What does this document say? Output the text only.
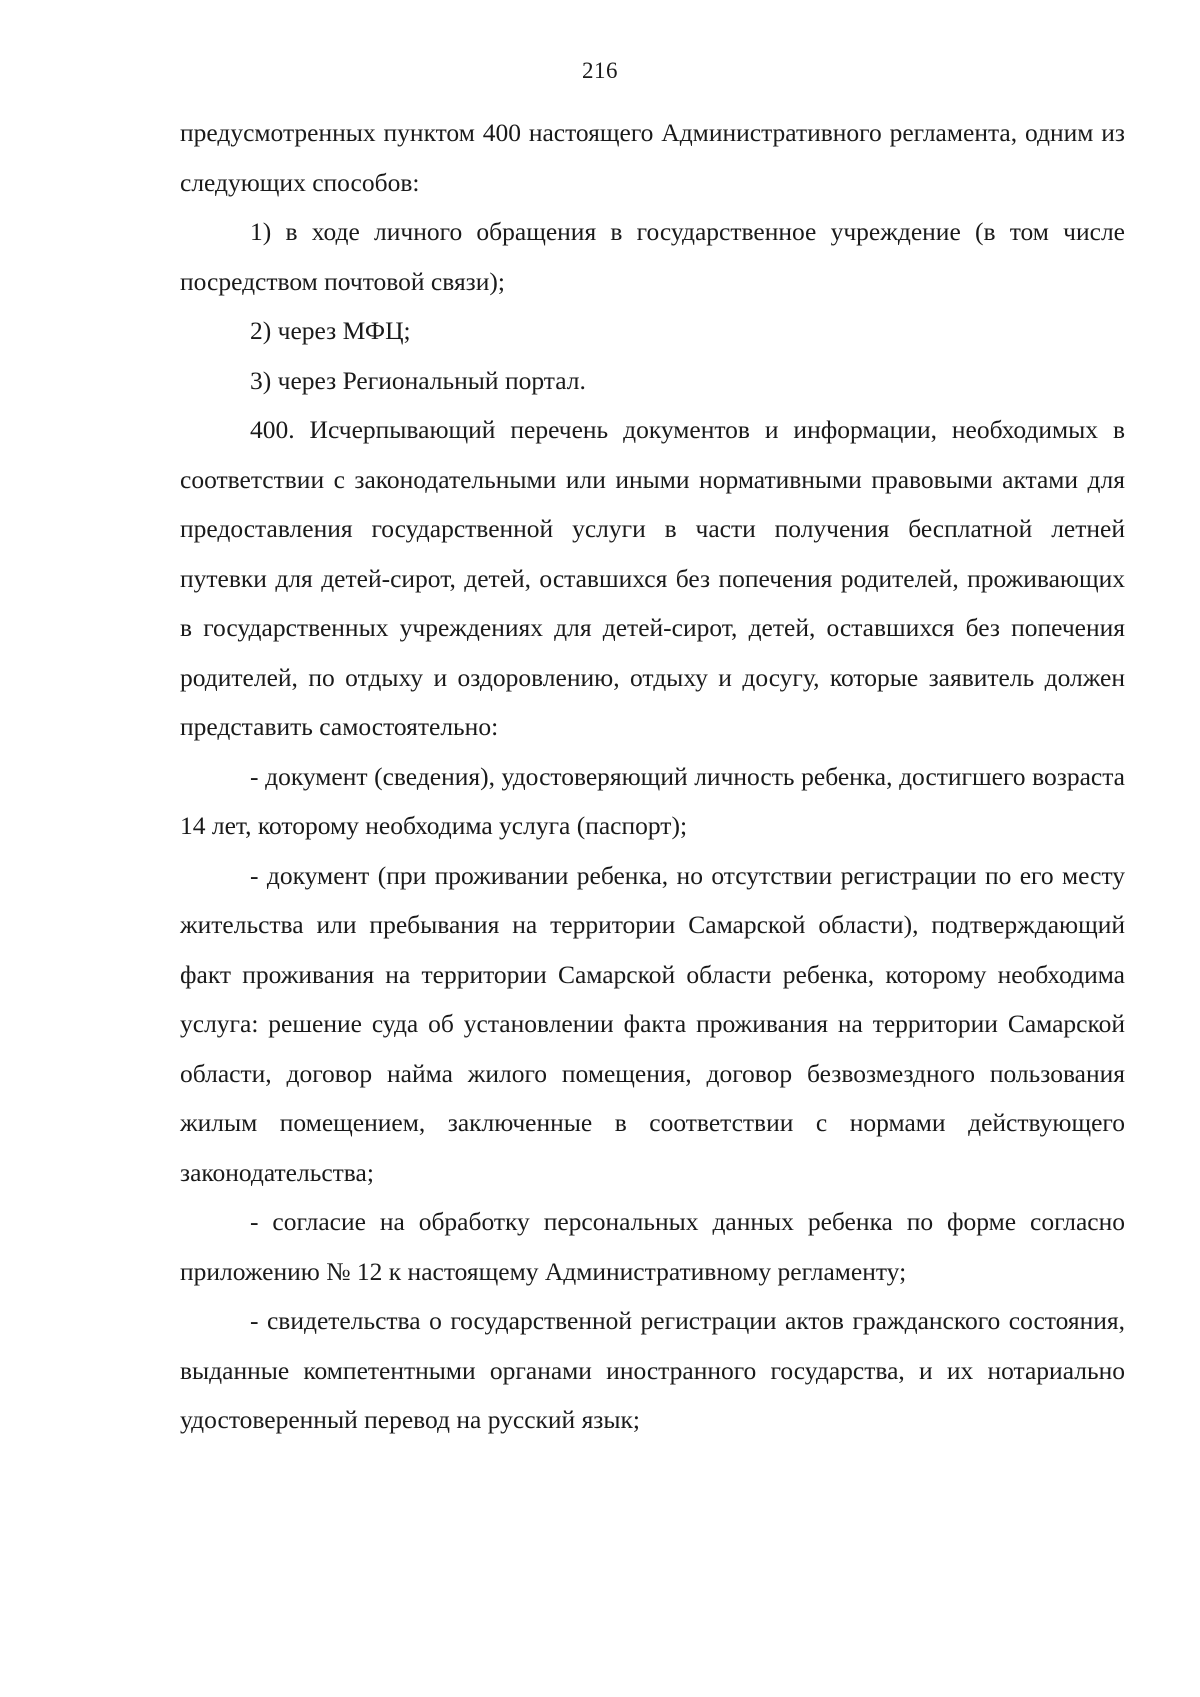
216

предусмотренных пунктом 400 настоящего Административного регламента, одним из следующих способов:

1) в ходе личного обращения в государственное учреждение (в том числе посредством почтовой связи);

2) через МФЦ;

3) через Региональный портал.

400. Исчерпывающий перечень документов и информации, необходимых в соответствии с законодательными или иными нормативными правовыми актами для предоставления государственной услуги в части получения бесплатной летней путевки для детей-сирот, детей, оставшихся без попечения родителей, проживающих в государственных учреждениях для детей-сирот, детей, оставшихся без попечения родителей, по отдыху и оздоровлению, отдыху и досугу, которые заявитель должен представить самостоятельно:

- документ (сведения), удостоверяющий личность ребенка, достигшего возраста 14 лет, которому необходима услуга (паспорт);

- документ (при проживании ребенка, но отсутствии регистрации по его месту жительства или пребывания на территории Самарской области), подтверждающий факт проживания на территории Самарской области ребенка, которому необходима услуга: решение суда об установлении факта проживания на территории Самарской области, договор найма жилого помещения, договор безвозмездного пользования жилым помещением, заключенные в соответствии с нормами действующего законодательства;

- согласие на обработку персональных данных ребенка по форме согласно приложению № 12 к настоящему Административному регламенту;

- свидетельства о государственной регистрации актов гражданского состояния, выданные компетентными органами иностранного государства, и их нотариально удостоверенный перевод на русский язык;
